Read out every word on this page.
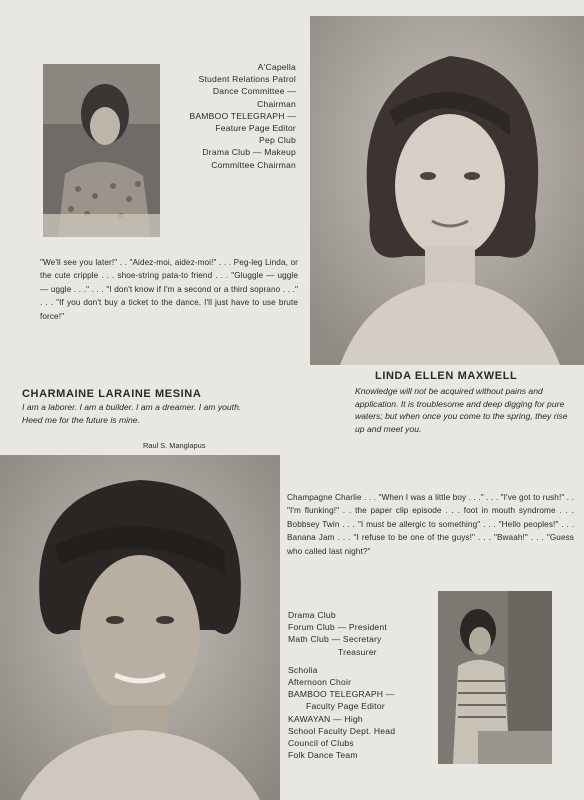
A'Capella
Student Relations Patrol
Dance Committee —
Chairman
BAMBOO TELEGRAPH —
Feature Page Editor
Pep Club
Drama Club — Makeup
Committee Chairman
"We'll see you later!" . . "Aidez-moi, aidez-moi!" . . . Peg-leg Linda, or the cute cripple . . . shoe-string pata-to friend . . . "Gluggle — uggle — uggle . . ." . . . "I don't know if I'm a second or a third soprano . . ." . . . "If you don't buy a ticket to the dance, I'll just have to use brute force!"
CHARMAINE LARAINE MESINA
I am a laborer. I am a builder. I am a dreamer. I am youth. Heed me for the future is mine.
Raul S. Manglapus
LINDA ELLEN MAXWELL
Knowledge will not be acquired without pains and application. It is troublesome and deep digging for pure waters; but when once you come to the spring, they rise up and meet you.
Champagne Charlie . . . "When I was a little boy . . ." . . . "I've got to rush!" . . "I'm flunking!" . . the paper clip episode . . . foot in mouth syndrome . . . Bobbsey Twin . . . "I must be allergic to something" . . . "Hello peoples!" . . . Banana Jam . . . "I refuse to be one of the guys!" . . . "Bwaah!" . . . "Guess who called last night?"
Drama Club
Forum Club — President
Math Club — Secretary
Treasurer
Scholia
Afternoon Choir
BAMBOO TELEGRAPH —
Faculty Page Editor
KAWAYAN — High
School Faculty Dept. Head
Council of Clubs
Folk Dance Team
